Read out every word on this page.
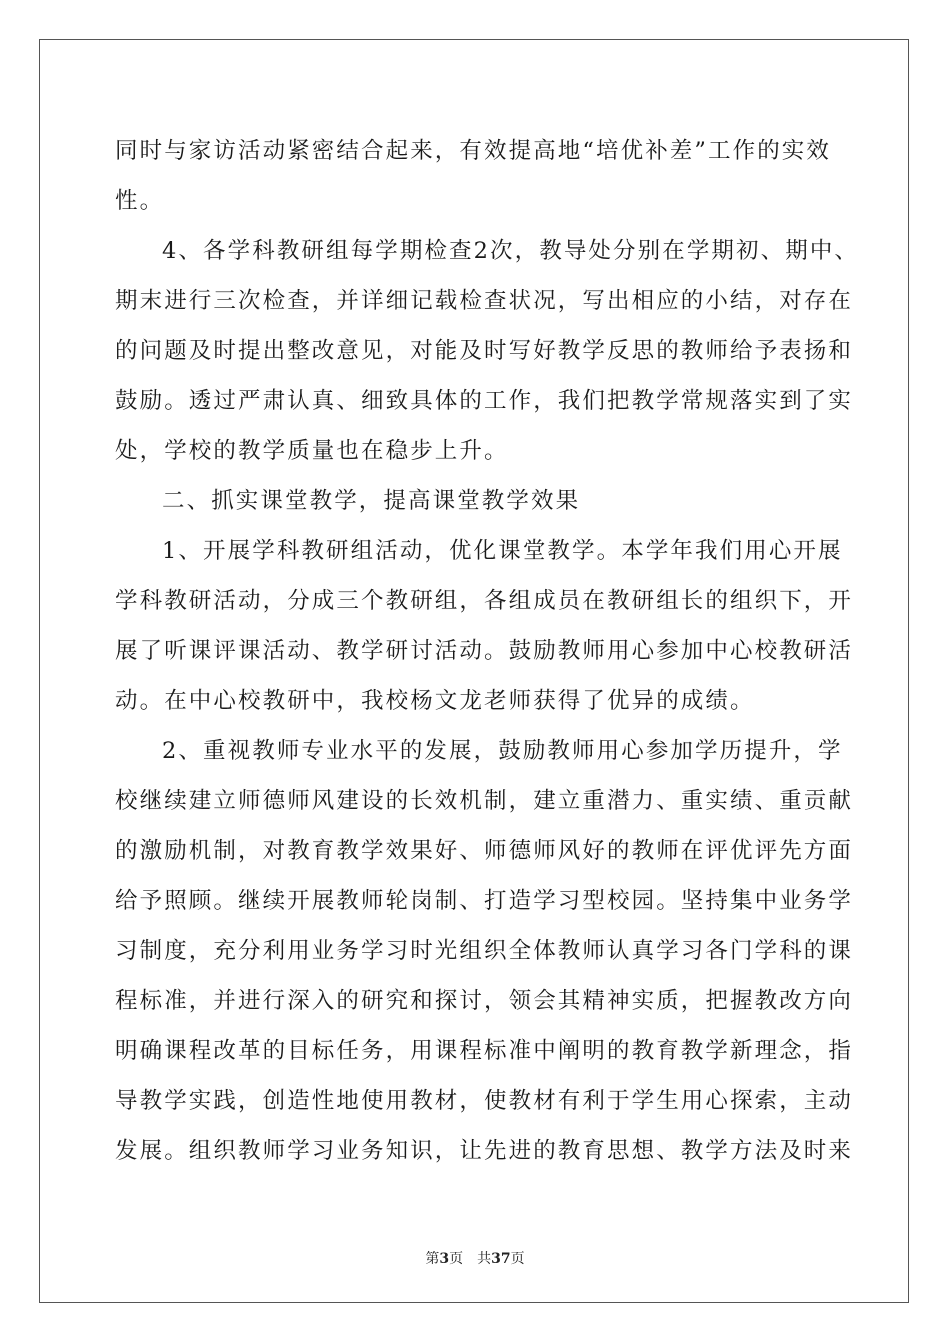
同时与家访活动紧密结合起来，有效提高地“培优补差”工作的实效

性。

4、各学科教研组每学期检查2次，教导处分别在学期初、期中、

期末进行三次检查，并详细记载检查状况，写出相应的小结，对存在

的问题及时提出整改意见，对能及时写好教学反思的教师给予表扬和

鼓励。透过严肃认真、细致具体的工作，我们把教学常规落实到了实

处，学校的教学质量也在稳步上升。

二、抓实课堂教学，提高课堂教学效果

1、开展学科教研组活动，优化课堂教学。本学年我们用心开展

学科教研活动，分成三个教研组，各组成员在教研组长的组织下，开

展了听课评课活动、教学研讨活动。鼓励教师用心参加中心校教研活

动。在中心校教研中，我校杨文龙老师获得了优异的成绩。

2、重视教师专业水平的发展，鼓励教师用心参加学历提升，学

校继续建立师德师风建设的长效机制，建立重潜力、重实绩、重贡献

的激励机制，对教育教学效果好、师德师风好的教师在评优评先方面

给予照顾。继续开展教师轮岗制、打造学习型校园。坚持集中业务学

习制度，充分利用业务学习时光组织全体教师认真学习各门学科的课

程标准，并进行深入的研究和探讨，领会其精神实质，把握教改方向

明确课程改革的目标任务，用课程标准中阐明的教育教学新理念，指

导教学实践，创造性地使用教材，使教材有利于学生用心探索，主动

发展。组织教师学习业务知识，让先进的教育思想、教学方法及时来

第3页 共37页
